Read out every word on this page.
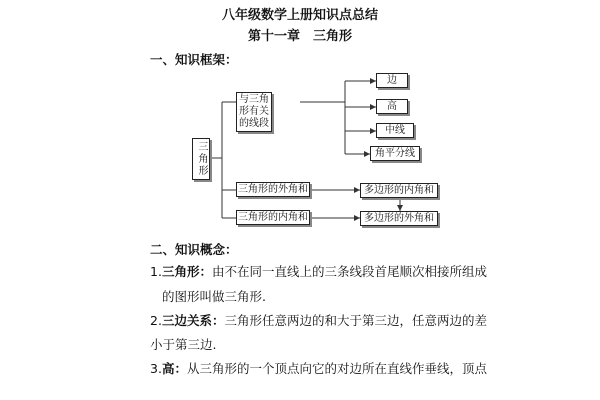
八年级数学上册知识点总结
第十一章　三角形
一、知识框架：
三角形
与三角形有关的线段
边
高
中线
角平分线
三角形的外角和
三角形的内角和
多边形的内角和
多边形的外角和
二、知识概念：
1.三角形：由不在同一直线上的三条线段首尾顺次相接所组成
的图形叫做三角形.
2.三边关系：三角形任意两边的和大于第三边，任意两边的差
小于第三边.
3.高：从三角形的一个顶点向它的对边所在直线作垂线，顶点
